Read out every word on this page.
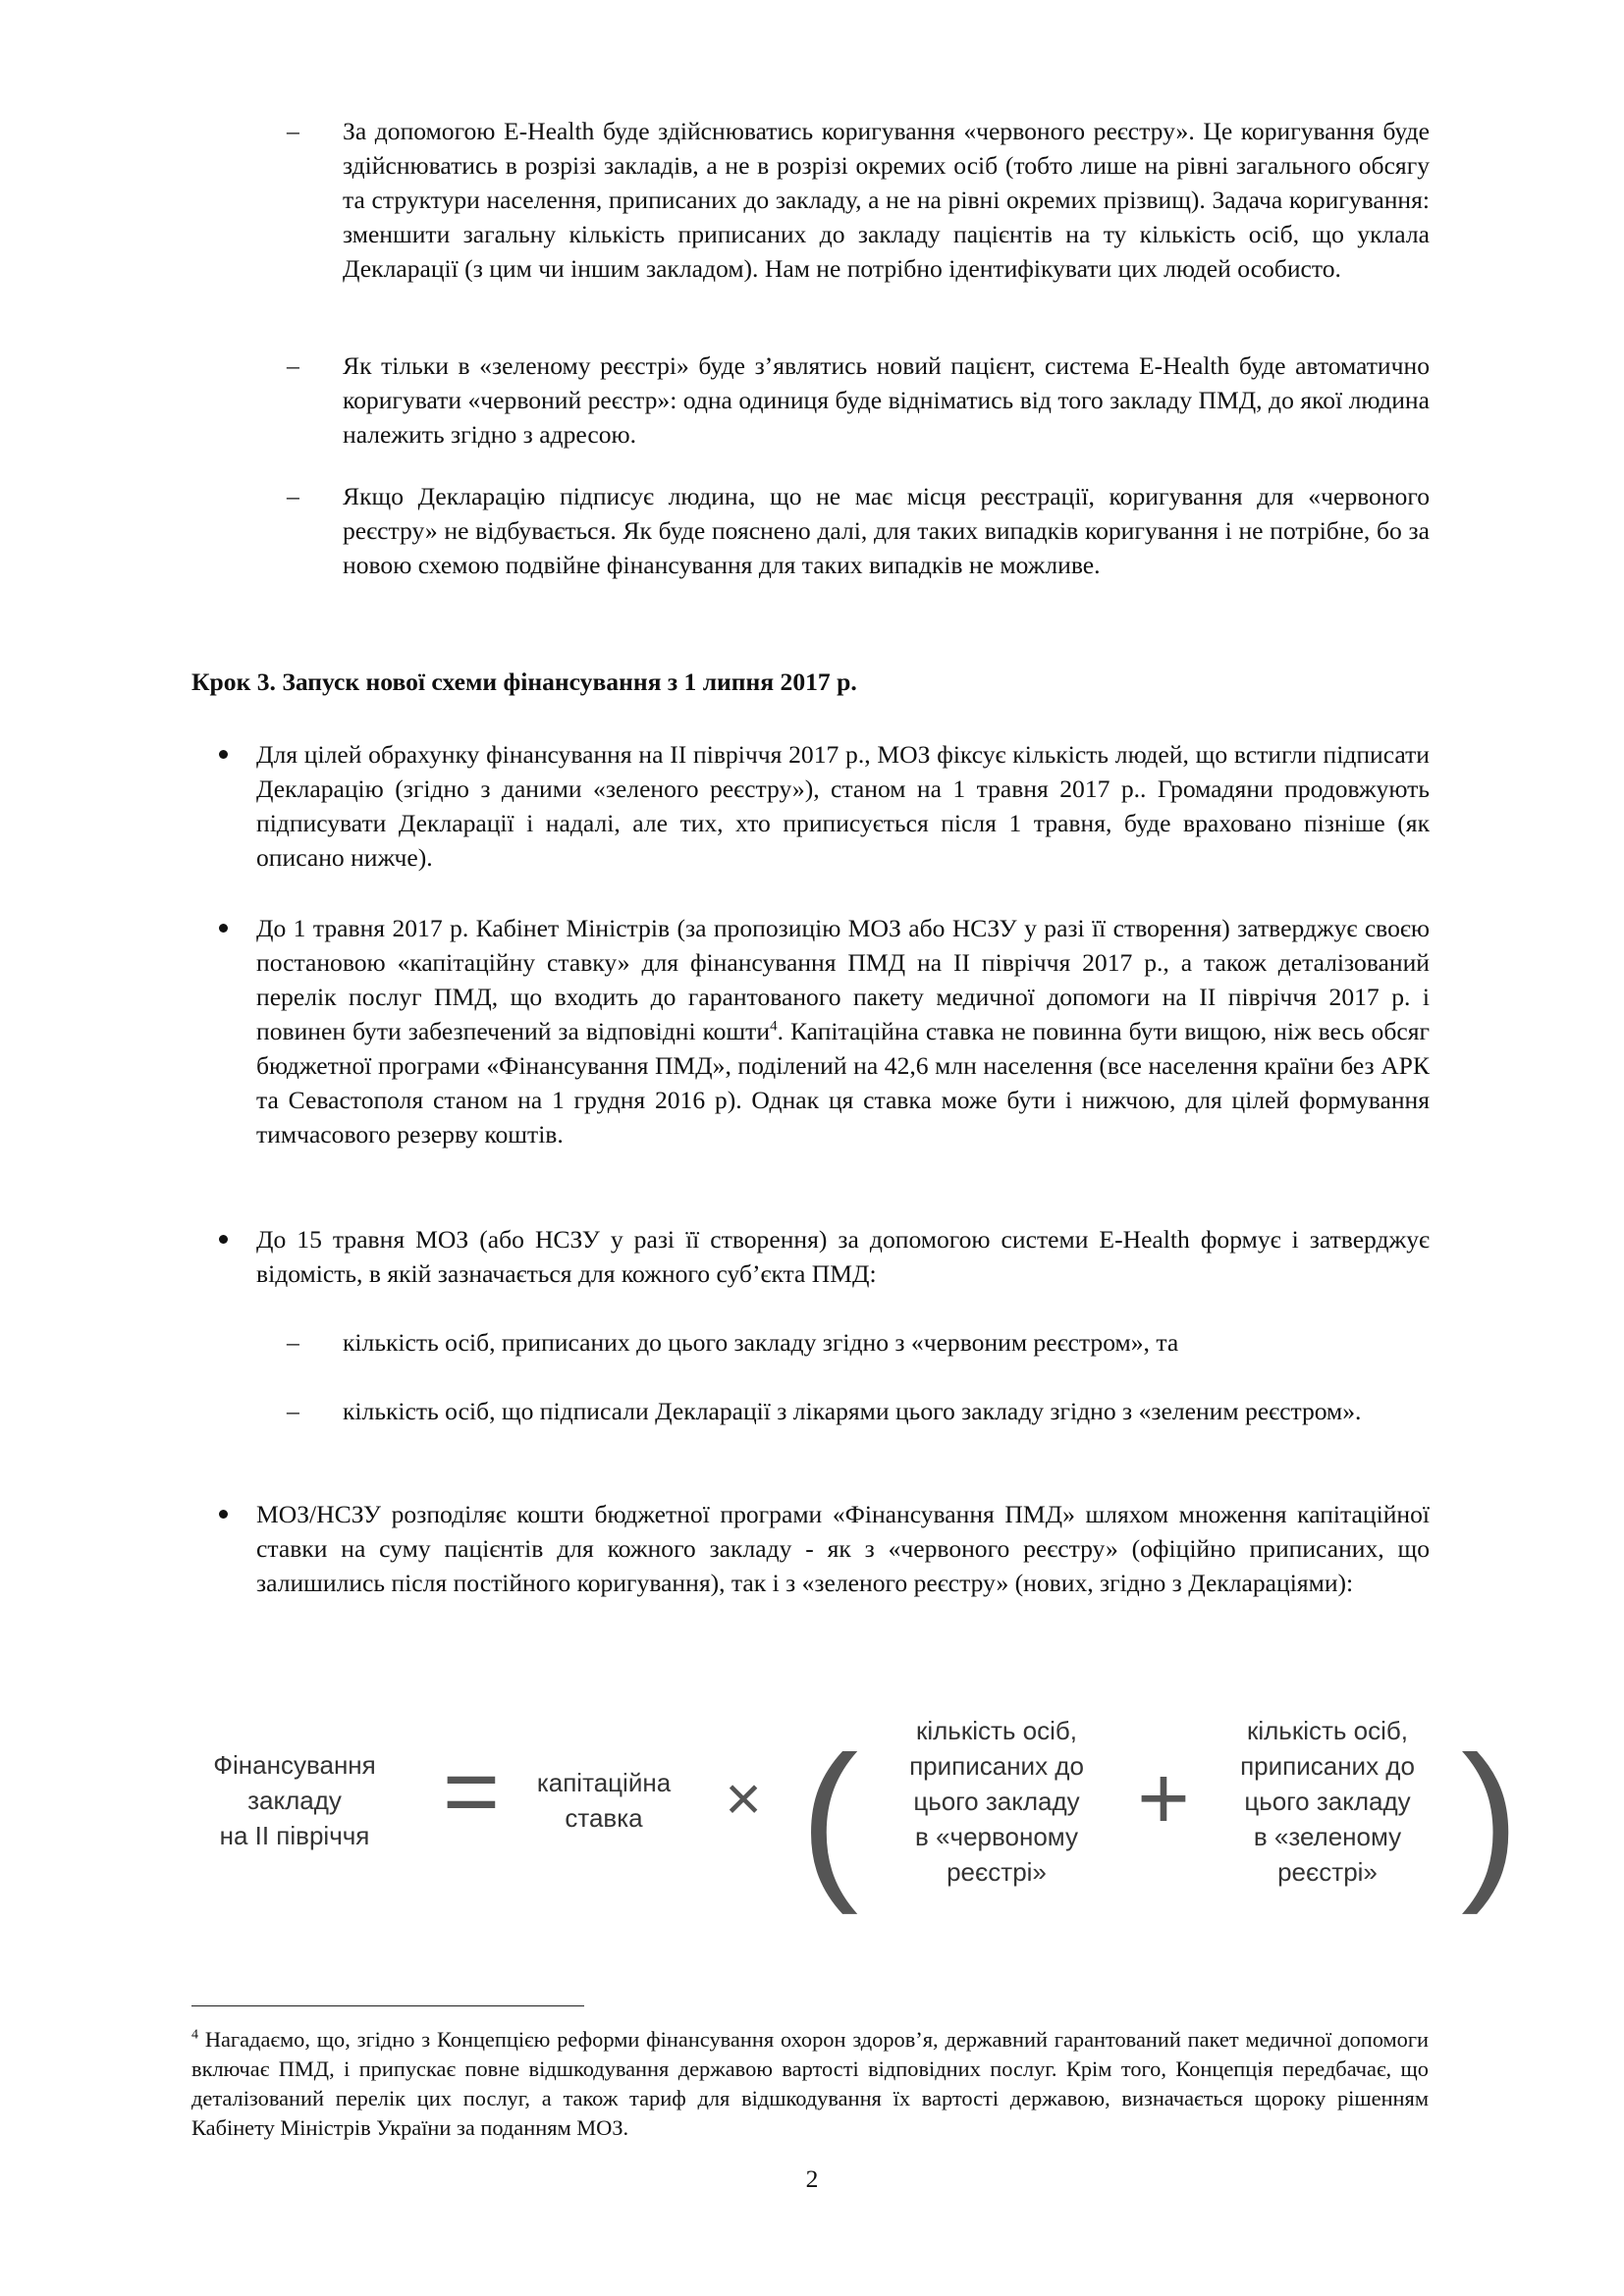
– За допомогою E-Health буде здійснюватись коригування «червоного реєстру». Це коригування буде здійснюватись в розрізі закладів, а не в розрізі окремих осіб (тобто лише на рівні загального обсягу та структури населення, приписаних до закладу, а не на рівні окремих прізвищ). Задача коригування: зменшити загальну кількість приписаних до закладу пацієнтів на ту кількість осіб, що уклала Декларації (з цим чи іншим закладом). Нам не потрібно ідентифікувати цих людей особисто.

– Як тільки в «зеленому реєстрі» буде з’являтись новий пацієнт, система E-Health буде автоматично коригувати «червоний реєстр»: одна одиниця буде відніматись від того закладу ПМД, до якої людина належить згідно з адресою.

– Якщо Декларацію підписує людина, що не має місця реєстрації, коригування для «червоного реєстру» не відбувається. Як буде пояснено далі, для таких випадків коригування і не потрібне, бо за новою схемою подвійне фінансування для таких випадків не можливе.

Крок 3. Запуск нової схеми фінансування з 1 липня 2017 р.

Для цілей обрахунку фінансування на ІІ півріччя 2017 р., МОЗ фіксує кількість людей, що встигли підписати Декларацію (згідно з даними «зеленого реєстру»), станом на 1 травня 2017 р.. Громадяни продовжують підписувати Декларації і надалі, але тих, хто приписується після 1 травня, буде враховано пізніше (як описано нижче).

До 1 травня 2017 р. Кабінет Міністрів (за пропозицію МОЗ або НСЗУ у разі її створення) затверджує своєю постановою «капітаційну ставку» для фінансування ПМД на ІІ півріччя 2017 р., а також деталізований перелік послуг ПМД, що входить до гарантованого пакету медичної допомоги на ІІ півріччя 2017 р. і повинен бути забезпечений за відповідні кошти$^4$. Капітаційна ставка не повинна бути вищою, ніж весь обсяг бюджетної програми «Фінансування ПМД», поділений на 42,6 млн населення (все населення країни без АРК та Севастополя станом на 1 грудня 2016 р). Однак ця ставка може бути і нижчою, для цілей формування тимчасового резерву коштів.

До 15 травня МОЗ (або НСЗУ у разі її створення) за допомогою системи E-Health формує і затверджує відомість, в якій зазначається для кожного суб’єкта ПМД:

– кількість осіб, приписаних до цього закладу згідно з «червоним реєстром», та

– кількість осіб, що підписали Декларації з лікарями цього закладу згідно з «зеленим реєстром».

МОЗ/НСЗУ розподіляє кошти бюджетної програми «Фінансування ПМД» шляхом множення капітаційної ставки на суму пацієнтів для кожного закладу - як з «червоного реєстру» (офіційно приписаних, що залишились після постійного коригування), так і з «зеленого реєстру» (нових, згідно з Деклараціями):

Фінансування
закладу
на ІІ півріччя =	капітаційна
ставка	× (	кількість осіб,
приписаних до
цього закладу
в «червоному
реєстрі»
+
кількість осіб,
приписаних до
цього закладу
в «зеленому
реєстрі» )
$^4$ Нагадаємо, що, згідно з Концепцією реформи фінансування охорон здоров’я, державний гарантований пакет медичної допомоги включає ПМД, і припускає повне відшкодування державою вартості відповідних послуг. Крім того, Концепція передбачає, що деталізований перелік цих послуг, а також тариф для відшкодування їх вартості державою, визначається щороку рішенням Кабінету Міністрів України за поданням МОЗ.
2
